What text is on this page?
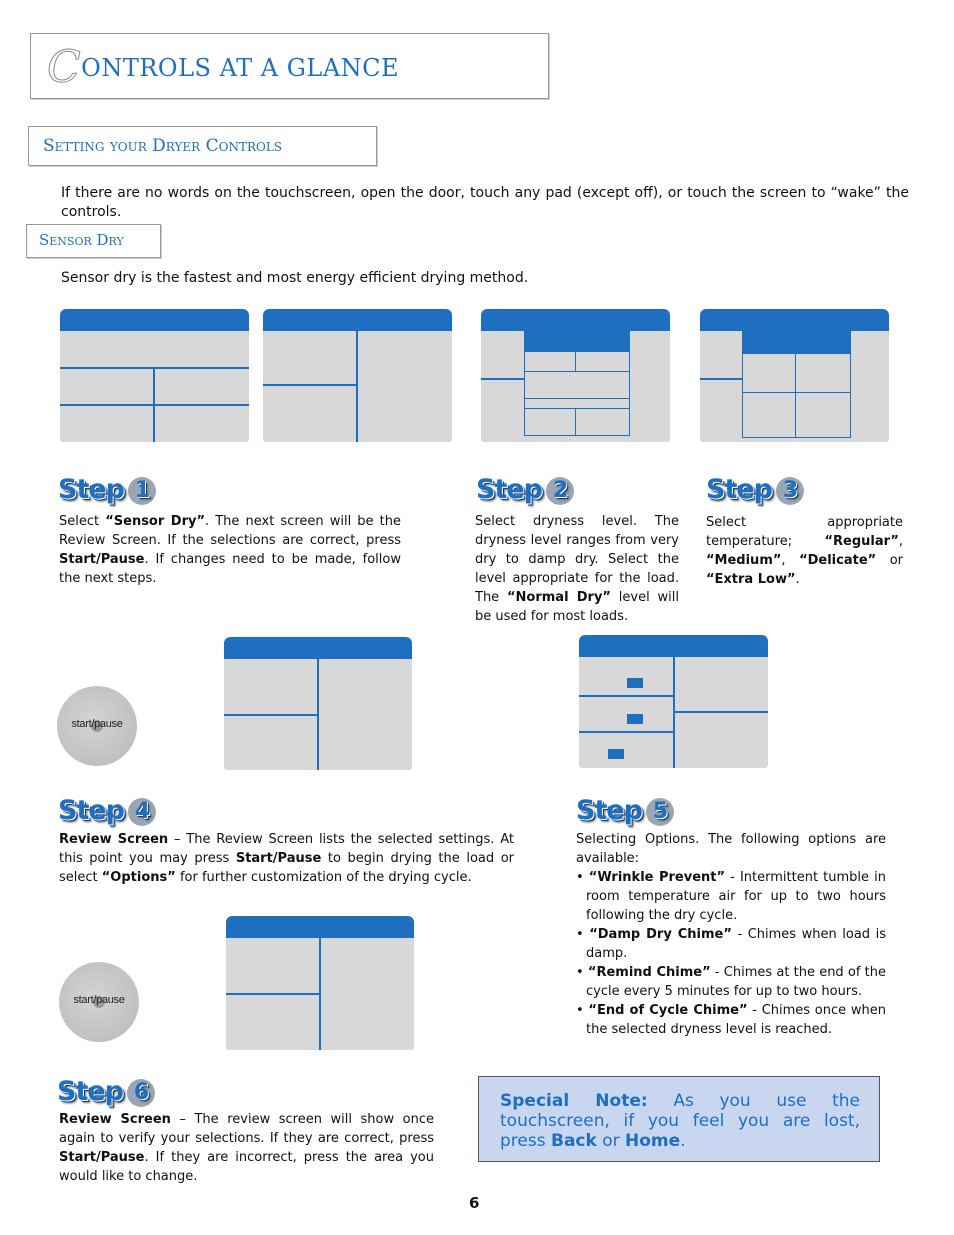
CONTROLS AT A GLANCE
Setting your Dryer Controls
If there are no words on the touchscreen, open the door, touch any pad (except off), or touch the screen to “wake” the controls.
Sensor Dry
Sensor dry is the fastest and most energy efficient drying method.
Step 1
Select “Sensor Dry”. The next screen will be the Review Screen. If the selections are correct, press Start/Pause. If changes need to be made, follow the next steps.
Step 2
Select dryness level. The dryness level ranges from very dry to damp dry. Select the level appropriate for the load. The “Normal Dry” level will be used for most loads.
Step 3
Select appropriate temperature; “Regular”, “Medium”, “Delicate” or “Extra Low”.
start/pause
Step 4
Review Screen – The Review Screen lists the selected settings. At this point you may press Start/Pause to begin drying the load or select “Options” for further customization of the drying cycle.
Step 5
Selecting Options. The following options are available:
• “Wrinkle Prevent” - Intermittent tumble in room temperature air for up to two hours following the dry cycle.
• “Damp Dry Chime” - Chimes when load is damp.
• “Remind Chime” - Chimes at the end of the cycle every 5 minutes for up to two hours.
• “End of Cycle Chime” - Chimes once when the selected dryness level is reached.
start/pause
Step 6
Review Screen – The review screen will show once again to verify your selections. If they are correct, press Start/Pause. If they are incorrect, press the area you would like to change.
Special Note: As you use the touchscreen, if you feel you are lost, press Back or Home.
6
